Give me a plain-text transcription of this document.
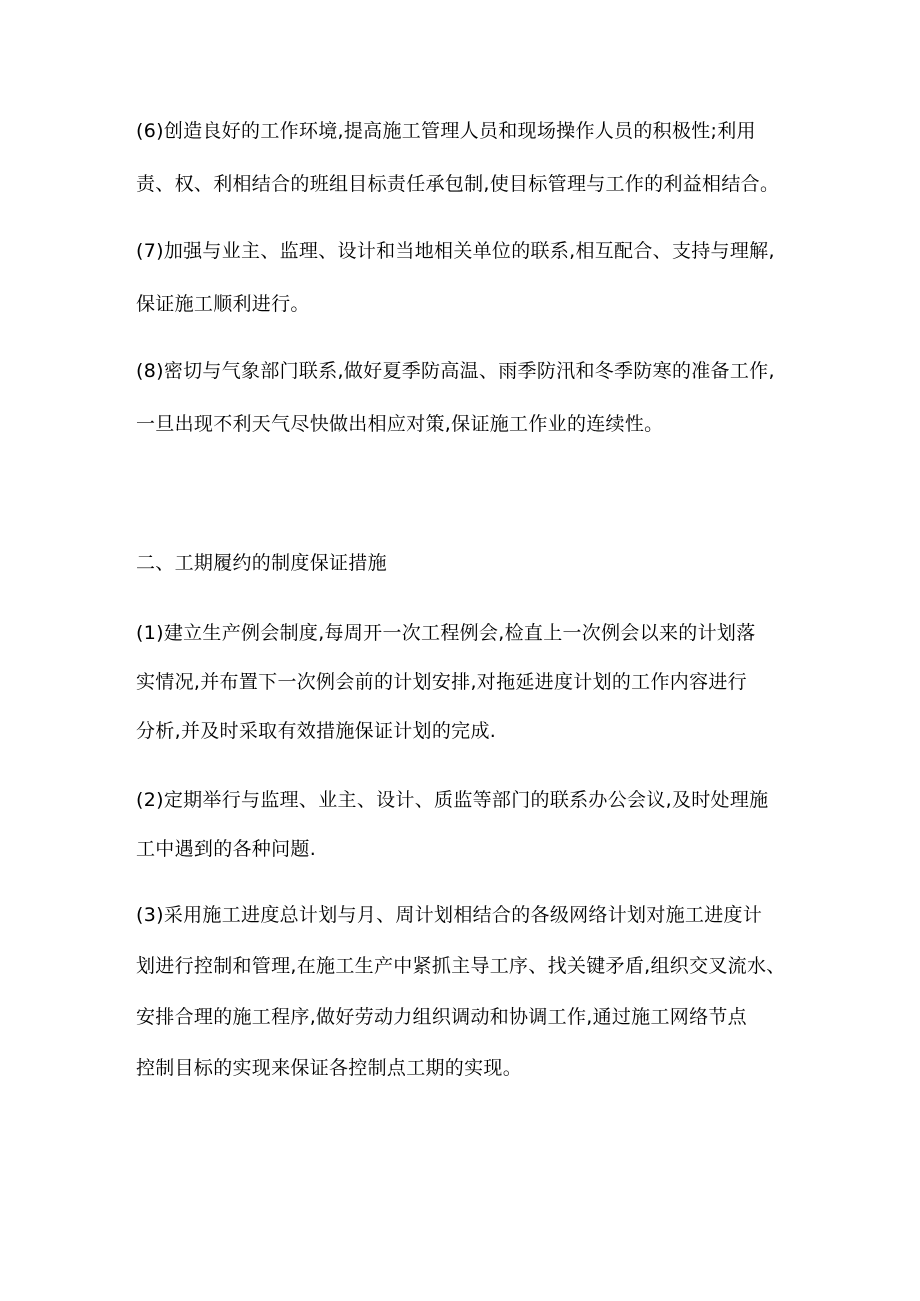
(6)创造良好的工作环境,提高施工管理人员和现场操作人员的积极性;利用
责、权、利相结合的班组目标责任承包制,使目标管理与工作的利益相结合。
(7)加强与业主、监理、设计和当地相关单位的联系,相互配合、支持与理解,
保证施工顺利进行。
(8)密切与气象部门联系,做好夏季防高温、雨季防汛和冬季防寒的准备工作,
一旦出现不利天气尽快做出相应对策,保证施工作业的连续性。
二、工期履约的制度保证措施
(1)建立生产例会制度,每周开一次工程例会,检直上一次例会以来的计划落
实情况,并布置下一次例会前的计划安排,对拖延进度计划的工作内容进行
分析,并及时采取有效措施保证计划的完成.
(2)定期举行与监理、业主、设计、质监等部门的联系办公会议,及时处理施
工中遇到的各种问题.
(3)采用施工进度总计划与月、周计划相结合的各级网络计划对施工进度计
划进行控制和管理,在施工生产中紧抓主导工序、找关键矛盾,组织交叉流水、
安排合理的施工程序,做好劳动力组织调动和协调工作,通过施工网络节点
控制目标的实现来保证各控制点工期的实现。
